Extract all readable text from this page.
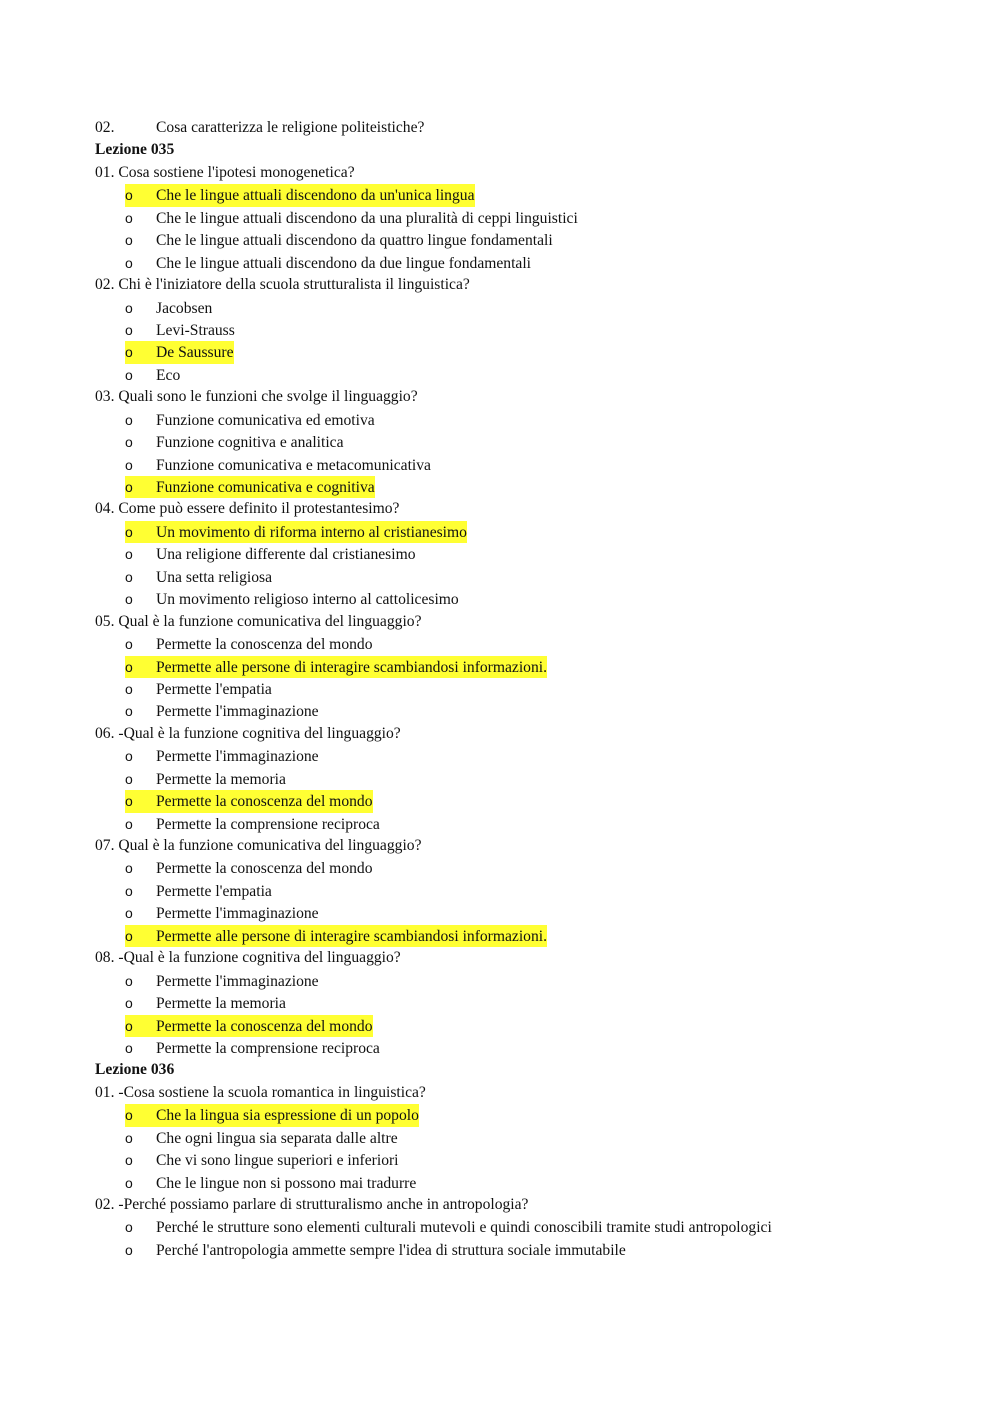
02.	Cosa caratterizza le religione politeistiche?
Lezione 035
01. Cosa sostiene l'ipotesi monogenetica?
o Che le lingue attuali discendono da un'unica lingua
o Che le lingue attuali discendono da una pluralità di ceppi linguistici
o Che le lingue attuali discendono da quattro lingue fondamentali
o Che le lingue attuali discendono da due lingue fondamentali
02. Chi è l'iniziatore della scuola strutturalista il linguistica?
o Jacobsen
o Levi-Strauss
o De Saussure
o Eco
03. Quali sono le funzioni che svolge il linguaggio?
o Funzione comunicativa ed emotiva
o Funzione cognitiva e analitica
o Funzione comunicativa e metacomunicativa
o Funzione comunicativa e cognitiva
04. Come può essere definito il protestantesimo?
o Un movimento di riforma interno al cristianesimo
o Una religione differente dal cristianesimo
o Una setta religiosa
o Un movimento religioso interno al cattolicesimo
05. Qual è la funzione comunicativa del linguaggio?
o Permette la conoscenza del mondo
o Permette alle persone di interagire scambiandosi informazioni.
o Permette l'empatia
o Permette l'immaginazione
06. -Qual è la funzione cognitiva del linguaggio?
o Permette l'immaginazione
o Permette la memoria
o Permette la conoscenza del mondo
o Permette la comprensione reciproca
07. Qual è la funzione comunicativa del linguaggio?
o Permette la conoscenza del mondo
o Permette l'empatia
o Permette l'immaginazione
o Permette alle persone di interagire scambiandosi informazioni.
08. -Qual è la funzione cognitiva del linguaggio?
o Permette l'immaginazione
o Permette la memoria
o Permette la conoscenza del mondo
o Permette la comprensione reciproca
Lezione 036
01. -Cosa sostiene la scuola romantica in linguistica?
o Che la lingua sia espressione di un popolo
o Che ogni lingua sia separata dalle altre
o Che vi sono lingue superiori e inferiori
o Che le lingue non si possono mai tradurre
02. -Perché possiamo parlare di strutturalismo anche in antropologia?
o Perché le strutture sono elementi culturali mutevoli e quindi conoscibili tramite studi antropologici
o Perché l'antropologia ammette sempre l'idea di struttura sociale immutabile
